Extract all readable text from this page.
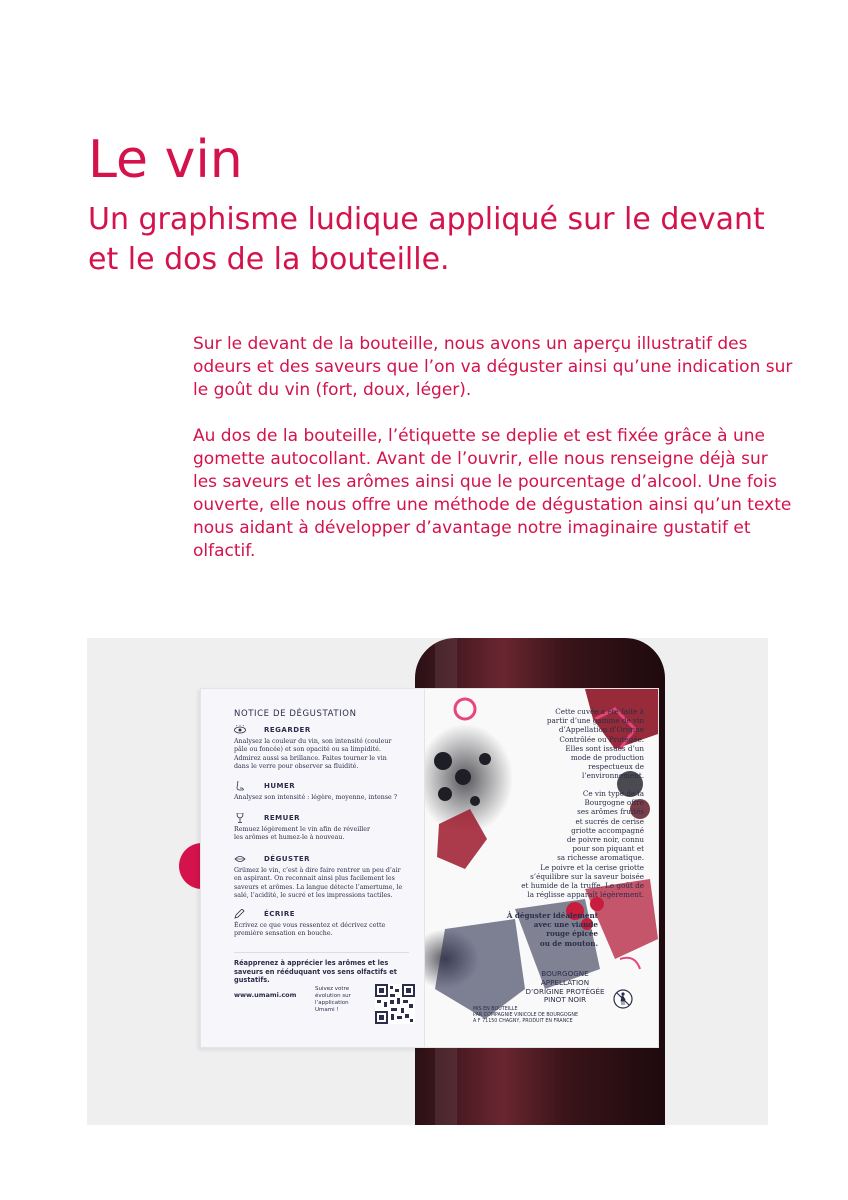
Le vin
Un graphisme ludique appliqué sur le devant et le dos de la bouteille.

Sur le devant de la bouteille, nous avons un aperçu illustratif des odeurs et des saveurs que l’on va déguster ainsi qu’une indication sur le goût du vin (fort, doux, léger).

Au dos de la bouteille, l’étiquette se deplie et est fixée grâce à une gomette autocollant. Avant de l’ouvrir, elle nous renseigne déjà sur les saveurs et les arômes ainsi que le pourcentage d’alcool. Une fois ouverte, elle nous offre une méthode de dégustation ainsi qu’un texte nous aidant à développer d’avantage notre imaginaire gustatif et olfactif.

NOTICE DE DÉGUSTATION
REGARDER
Analysez la couleur du vin, son intensité (couleur
pâle ou foncée) et son opacité ou sa limpidité.
Admirez aussi sa brillance. Faites tourner le vin
dans le verre pour observer sa fluidité.
HUMER
Analysez son intensité : légère, moyenne, intense ?
REMUER
Remuez légèrement le vin afin de réveiller
les arômes et humez-le à nouveau.
DÉGUSTER
Grümez le vin, c’est à dire faire rentrer un peu d’air
en aspirant. On reconnait ainsi plus facilement les
saveurs et arômes. La langue détecte l’amertume, le
salé, l’acidité, le sucré et les impressions tactiles.
ÉCRIRE
Écrivez ce que vous ressentez et décrivez cette
première sensation en bouche.
Réapprenez à apprécier les arômes et les
saveurs en rééduquant vos sens olfactifs et
gustatifs.
www.umami.com
Suivez votre
évolution sur
l’application
Umami !
Cette cuvée a été faite à
partir d’une gamme de vin
d’Appellation d’Origine
Contrôlée ou Protégée.
Elles sont issues d’un
mode de production
respectueux de
l’environnement.
Ce vin typé de la
Bourgogne offre
ses arômes fruités
et sucrés de cerise
griotte accompagné
de poivre noir, connu
pour son piquant et
sa richesse aromatique.
Le poivre et la cerise griotte
s’équilibre sur la saveur boisée
et humide de la truffe. Le goût de
la réglisse apparaît légèrement.
À déguster idéalement
avec une viande
rouge épicée
ou de mouton.
BOURGOGNE
APPELLATION
D’ORIGINE PROTÉGÉE
PINOT NOIR
MIS EN BOUTEILLE
PAR COMPAGNIE VINICOLE DE BOURGOGNE
A F 71150 CHAGNY, PRODUIT EN FRANCE
